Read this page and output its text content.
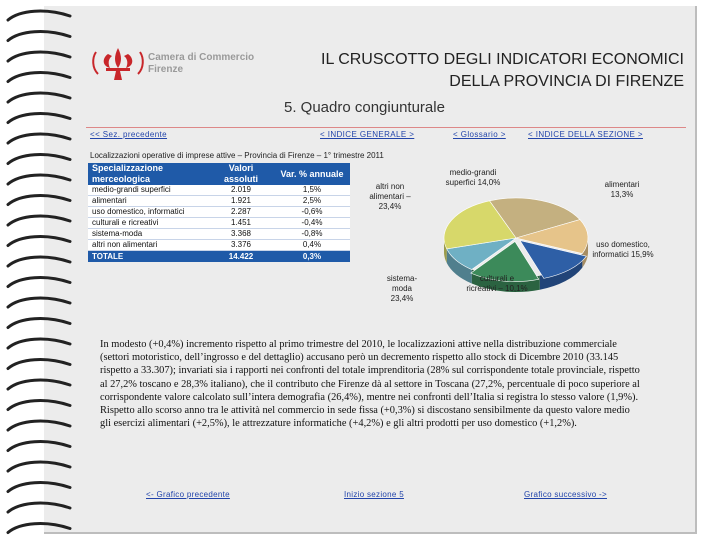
Camera di Commercio
Firenze
IL CRUSCOTTO DEGLI INDICATORI ECONOMICI
DELLA PROVINCIA DI FIRENZE
5. Quadro congiunturale
<< Sez. precedente	< INDICE GENERALE >	< Glossario >	< INDICE DELLA SEZIONE >
Localizzazioni operative di imprese attive – Provincia di Firenze – 1° trimestre 2011
Specializzazione merceologica	Valori assoluti	Var. % annuale
medio-grandi superfici	2.019	1,5%
alimentari	1.921	2,5%
uso domestico, informatici	2.287	-0,6%
culturali e ricreativi	1.451	-0,4%
sistema-moda	3.368	-0,8%
altri non alimentari	3.376	0,4%
TOTALE	14.422	0,3%
altri non alimentari – 23,4%
medio-grandi superfici 14,0%	alimentari 13,3%
sistema-moda 23,4%
culturali e ricreativi – 10,1%
uso domestico, informatici 15,9%
In modesto (+0,4%) incremento rispetto al primo trimestre del 2010, le localizzazioni attive nella distribuzione commerciale (settori motoristico, dell’ingrosso e del dettaglio) accusano però un decremento rispetto allo stock di Dicembre 2010 (33.145 rispetto a 33.307); invariati sia i rapporti nei confronti del totale imprenditoria (28% sul corrispondente totale provinciale, rispetto al 27,2% toscano e 28,3% italiano), che il contributo che Firenze dà al settore in Toscana (27,2%, percentuale di poco superiore al corrispondente valore calcolato sull’intera demografia (26,4%), mentre nei confronti dell’Italia si registra lo stesso valore (1,9%). Rispetto allo scorso anno tra le attività nel commercio in sede fissa (+0,3%) si discostano sensibilmente da questo valore medio gli esercizi alimentari (+2,5%), le attrezzature informatiche (+4,2%) e gli altri prodotti per uso domestico (+1,2%).
<- Grafico precedente	Inizio sezione 5	Grafico successivo ->
